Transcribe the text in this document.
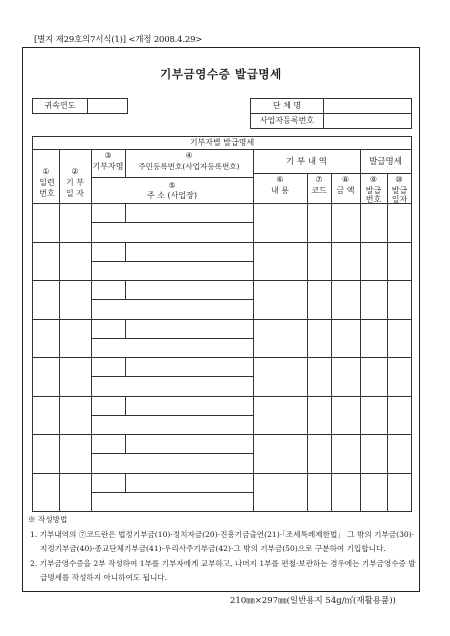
[별지 제29호의7서식(1)] <개정 2008.4.29>
기부금영수증 발급명세
귀속연도	단 체 명
사업자등록번호
기부자별 발급명세
①
일련번호
②
기 부 일 자
③
기부자명
④
주민등록번호(사업자등록번호)
⑤
주 소 (사업장)
기 부 내 역	발급명세
⑥
내 용
⑦
코드
⑧
금 액
⑨
발급번호
⑩
발급일자
※ 작성방법
1. 기부내역의 ⑦코드란은 법정기부금(10)·정치자금(20)·진흥기금출연(21)·「조세특례제한법」 그 밖의 기부금(30)·지정기부금(40)·종교단체기부금(41)·우리사주기부금(42)·그 밖의 기부금(50)으로 구분하여 기입합니다.
2. 기부금영수증을 2부 작성하여 1부를 기부자에게 교부하고, 나머지 1부를 편철·보관하는 경우에는 기부금영수증 발급명세를 작성하지 아니하여도 됩니다.
210㎜×297㎜(일반용지 54g/㎡(재활용품))
